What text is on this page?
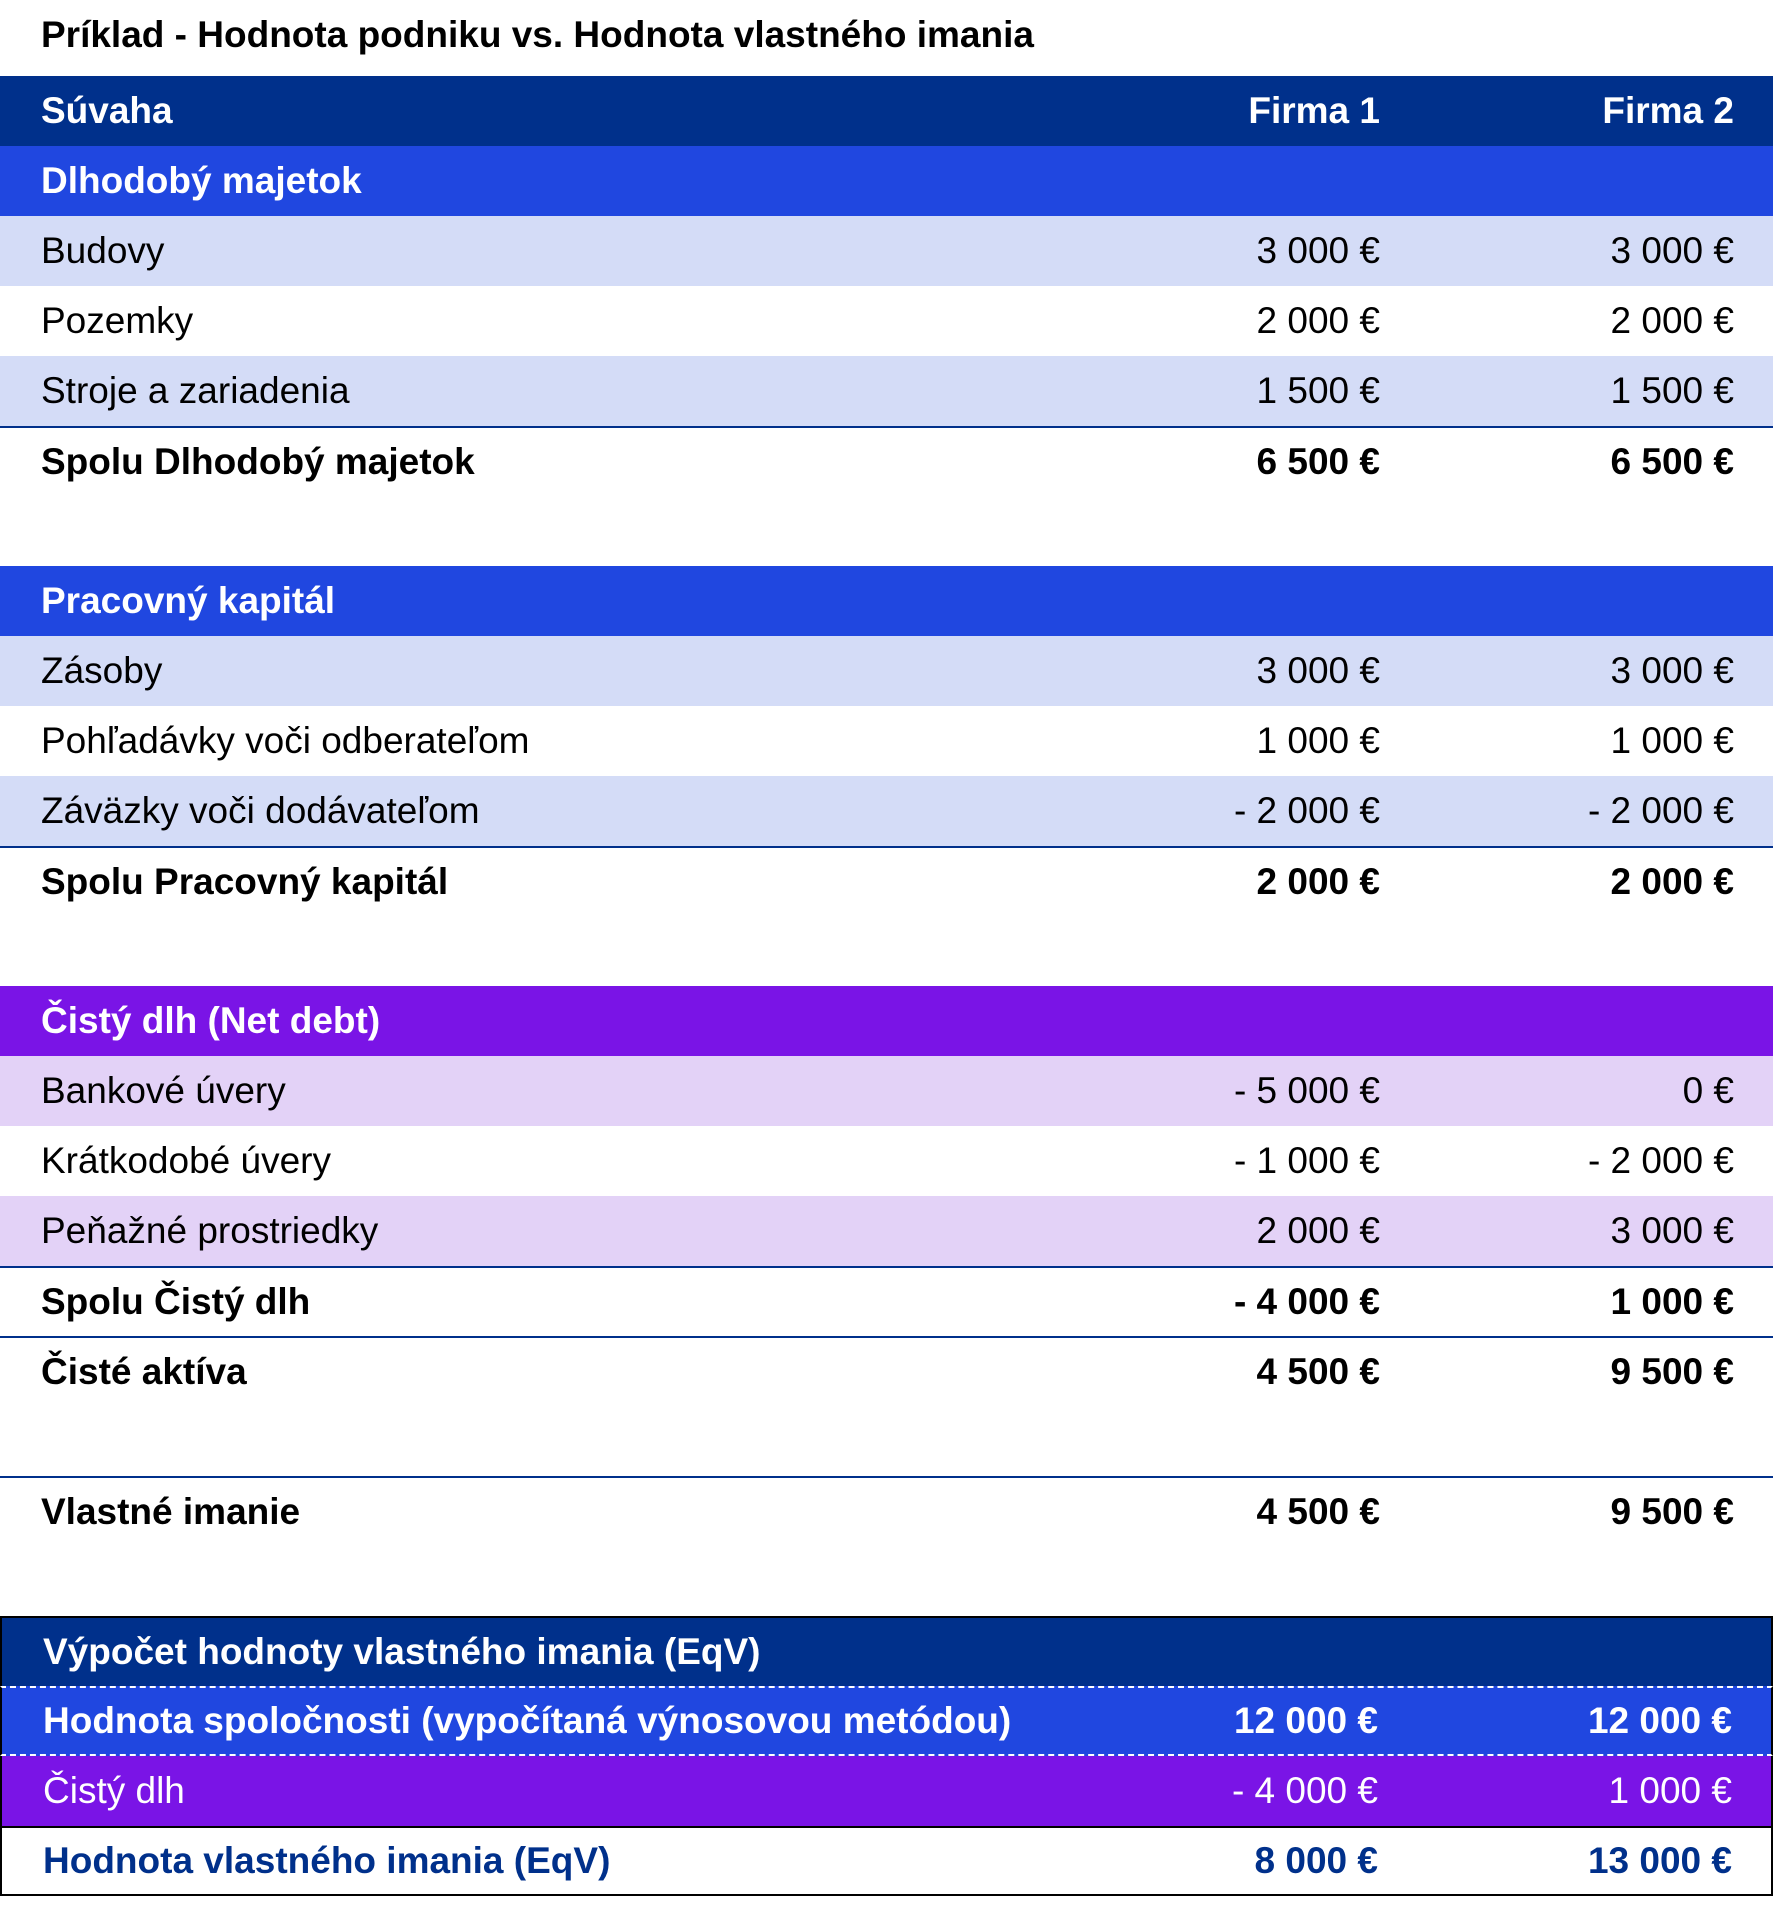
Príklad - Hodnota podniku vs. Hodnota vlastného imania
Súvaha	Firma 1	Firma 2
Dlhodobý majetok
Budovy	3 000 €	3 000 €
Pozemky	2 000 €	2 000 €
Stroje a zariadenia	1 500 €	1 500 €
Spolu Dlhodobý majetok	6 500 €	6 500 €
Pracovný kapitál
Zásoby	3 000 €	3 000 €
Pohľadávky voči odberateľom	1 000 €	1 000 €
Záväzky voči dodávateľom	- 2 000 €	- 2 000 €
Spolu Pracovný kapitál	2 000 €	2 000 €
Čistý dlh (Net debt)
Bankové úvery	- 5 000 €	0 €
Krátkodobé úvery	- 1 000 €	- 2 000 €
Peňažné prostriedky	2 000 €	3 000 €
Spolu Čistý dlh	- 4 000 €	1 000 €
Čisté aktíva	4 500 €	9 500 €
Vlastné imanie	4 500 €	9 500 €
Výpočet hodnoty vlastného imania (EqV)
Hodnota spoločnosti (vypočítaná výnosovou metódou)	12 000 €	12 000 €
Čistý dlh	- 4 000 €	1 000 €
Hodnota vlastného imania (EqV)	8 000 €	13 000 €
